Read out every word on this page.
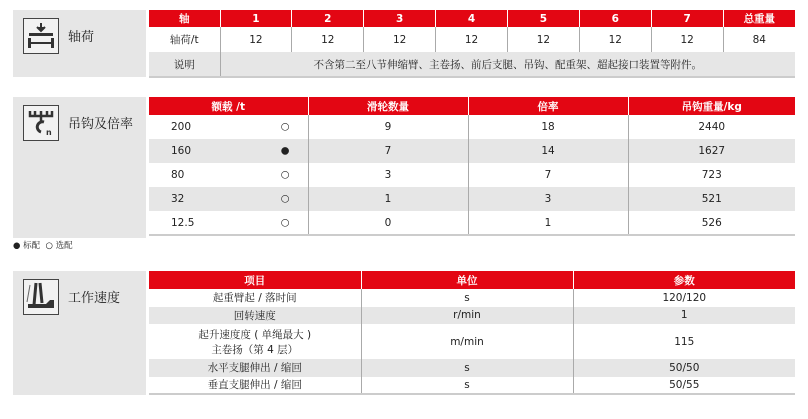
轴荷
轴	1	2	3	4	5	6	7	总重量
轴荷/t	12	12	12	12	12	12	12	84
说明	不含第二至八节伸缩臂、主卷扬、前后支腿、吊钩、配重架、超起接口装置等附件。							
n
吊钩及倍率
额载 /t	滑轮数量	倍率	吊钩重量/kg
200 ○	9	18	2440
160 ●	7	14	1627
80 ○	3	7	723
32 ○	1	3	521
12.5 ○	0	1	526
● 标配 ○ 选配
工作速度
项目	单位	参数
起重臂起 / 落时间	s	120/120
回转速度	r/min	1

起升速度度 ( 单绳最大 )
主卷扬（第 4 层）	m/min	115
水平支腿伸出 / 缩回	s	50/50
垂直支腿伸出 / 缩回	s	50/55
